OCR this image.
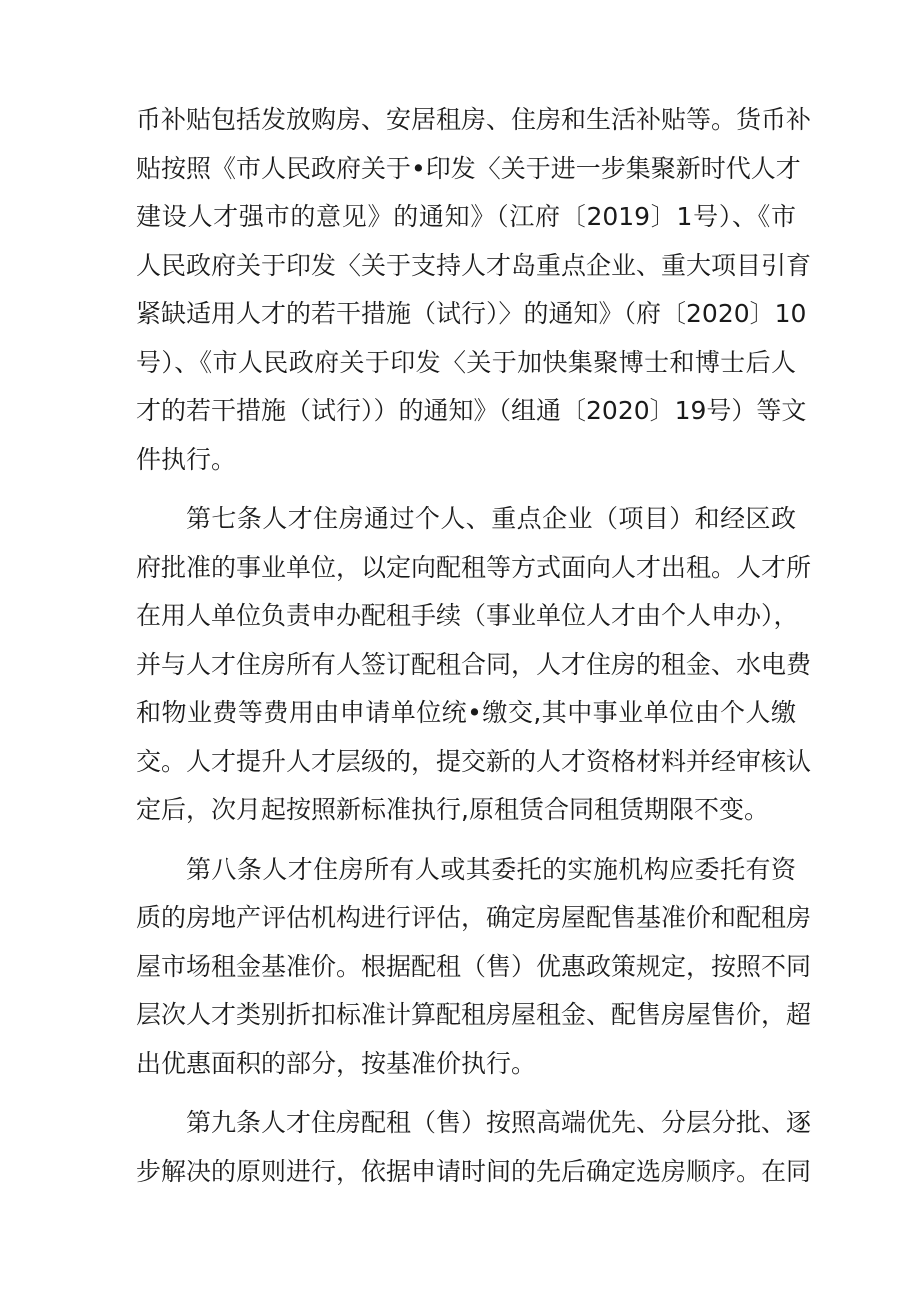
币补贴包括发放购房、安居租房、住房和生活补贴等。货币补
贴按照《市人民政府关于•印发〈关于进一步集聚新时代人才
建设人才强市的意见》的通知》（江府〔2019〕1号）、《市
人民政府关于印发〈关于支持人才岛重点企业、重大项目引育
紧缺适用人才的若干措施（试行）〉的通知》（府〔2020〕10
号）、《市人民政府关于印发〈关于加快集聚博士和博士后人
才的若干措施（试行））的通知》（组通〔2020〕19号）等文
件执行。
第七条人才住房通过个人、重点企业（项目）和经区政
府批准的事业单位，以定向配租等方式面向人才出租。人才所
在用人单位负责申办配租手续（事业单位人才由个人申办），
并与人才住房所有人签订配租合同，人才住房的租金、水电费
和物业费等费用由申请单位统•缴交,其中事业单位由个人缴
交。人才提升人才层级的，提交新的人才资格材料并经审核认
定后，次月起按照新标准执行,原租赁合同租赁期限不变。
第八条人才住房所有人或其委托的实施机构应委托有资
质的房地产评估机构进行评估，确定房屋配售基准价和配租房
屋市场租金基准价。根据配租（售）优惠政策规定，按照不同
层次人才类别折扣标准计算配租房屋租金、配售房屋售价，超
出优惠面积的部分，按基准价执行。
第九条人才住房配租（售）按照高端优先、分层分批、逐
步解决的原则进行，依据申请时间的先后确定选房顺序。在同
